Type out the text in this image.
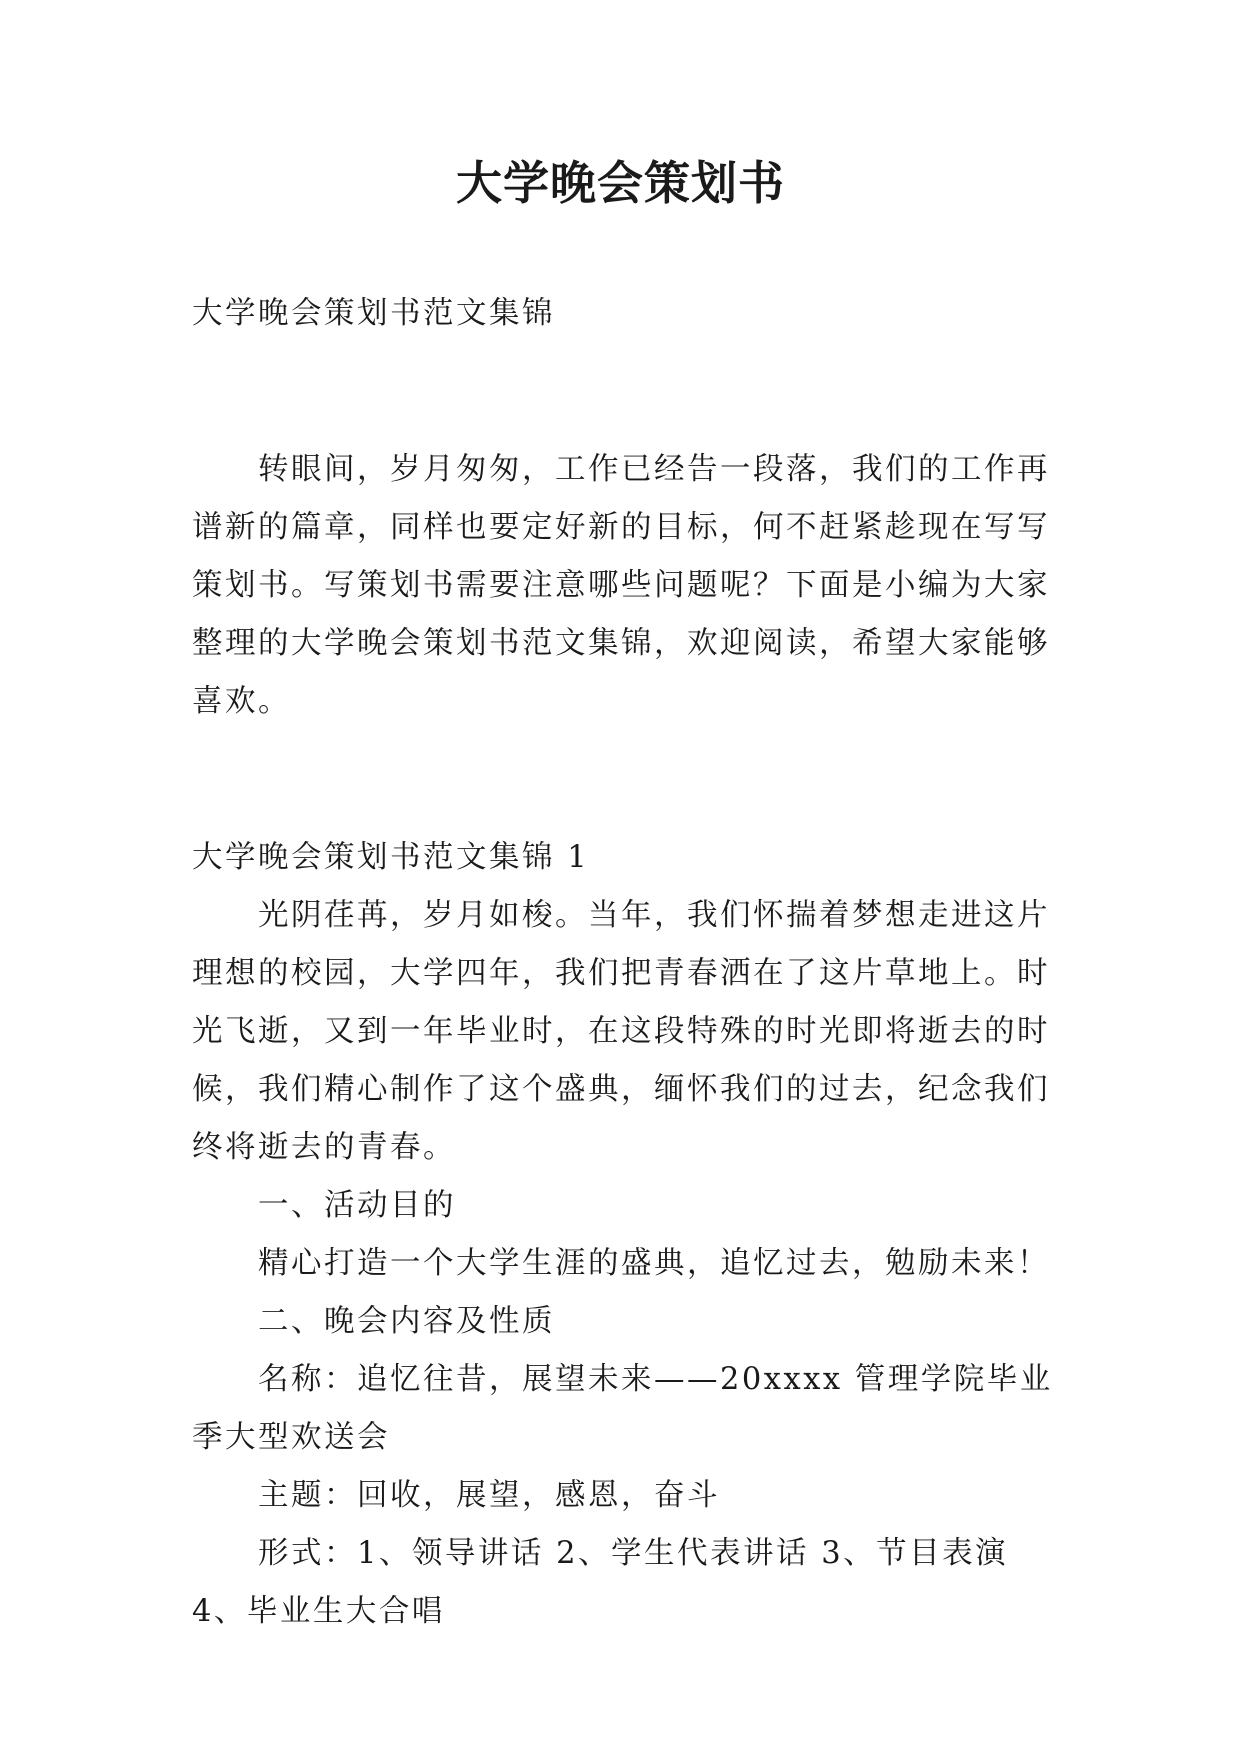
大学晚会策划书

大学晚会策划书范文集锦

转眼间，岁月匆匆，工作已经告一段落，我们的工作再谱新的篇章，同样也要定好新的目标，何不赶紧趁现在写写策划书。写策划书需要注意哪些问题呢？下面是小编为大家整理的大学晚会策划书范文集锦，欢迎阅读，希望大家能够喜欢。

大学晚会策划书范文集锦 1

光阴荏苒，岁月如梭。当年，我们怀揣着梦想走进这片理想的校园，大学四年，我们把青春洒在了这片草地上。时光飞逝，又到一年毕业时，在这段特殊的时光即将逝去的时候，我们精心制作了这个盛典，缅怀我们的过去，纪念我们终将逝去的青春。

一、活动目的

精心打造一个大学生涯的盛典，追忆过去，勉励未来！

二、晚会内容及性质

名称：追忆往昔，展望未来——20xxxx 管理学院毕业季大型欢送会

主题：回收，展望，感恩，奋斗

形式：1、领导讲话 2、学生代表讲话 3、节目表演 4、毕业生大合唱
